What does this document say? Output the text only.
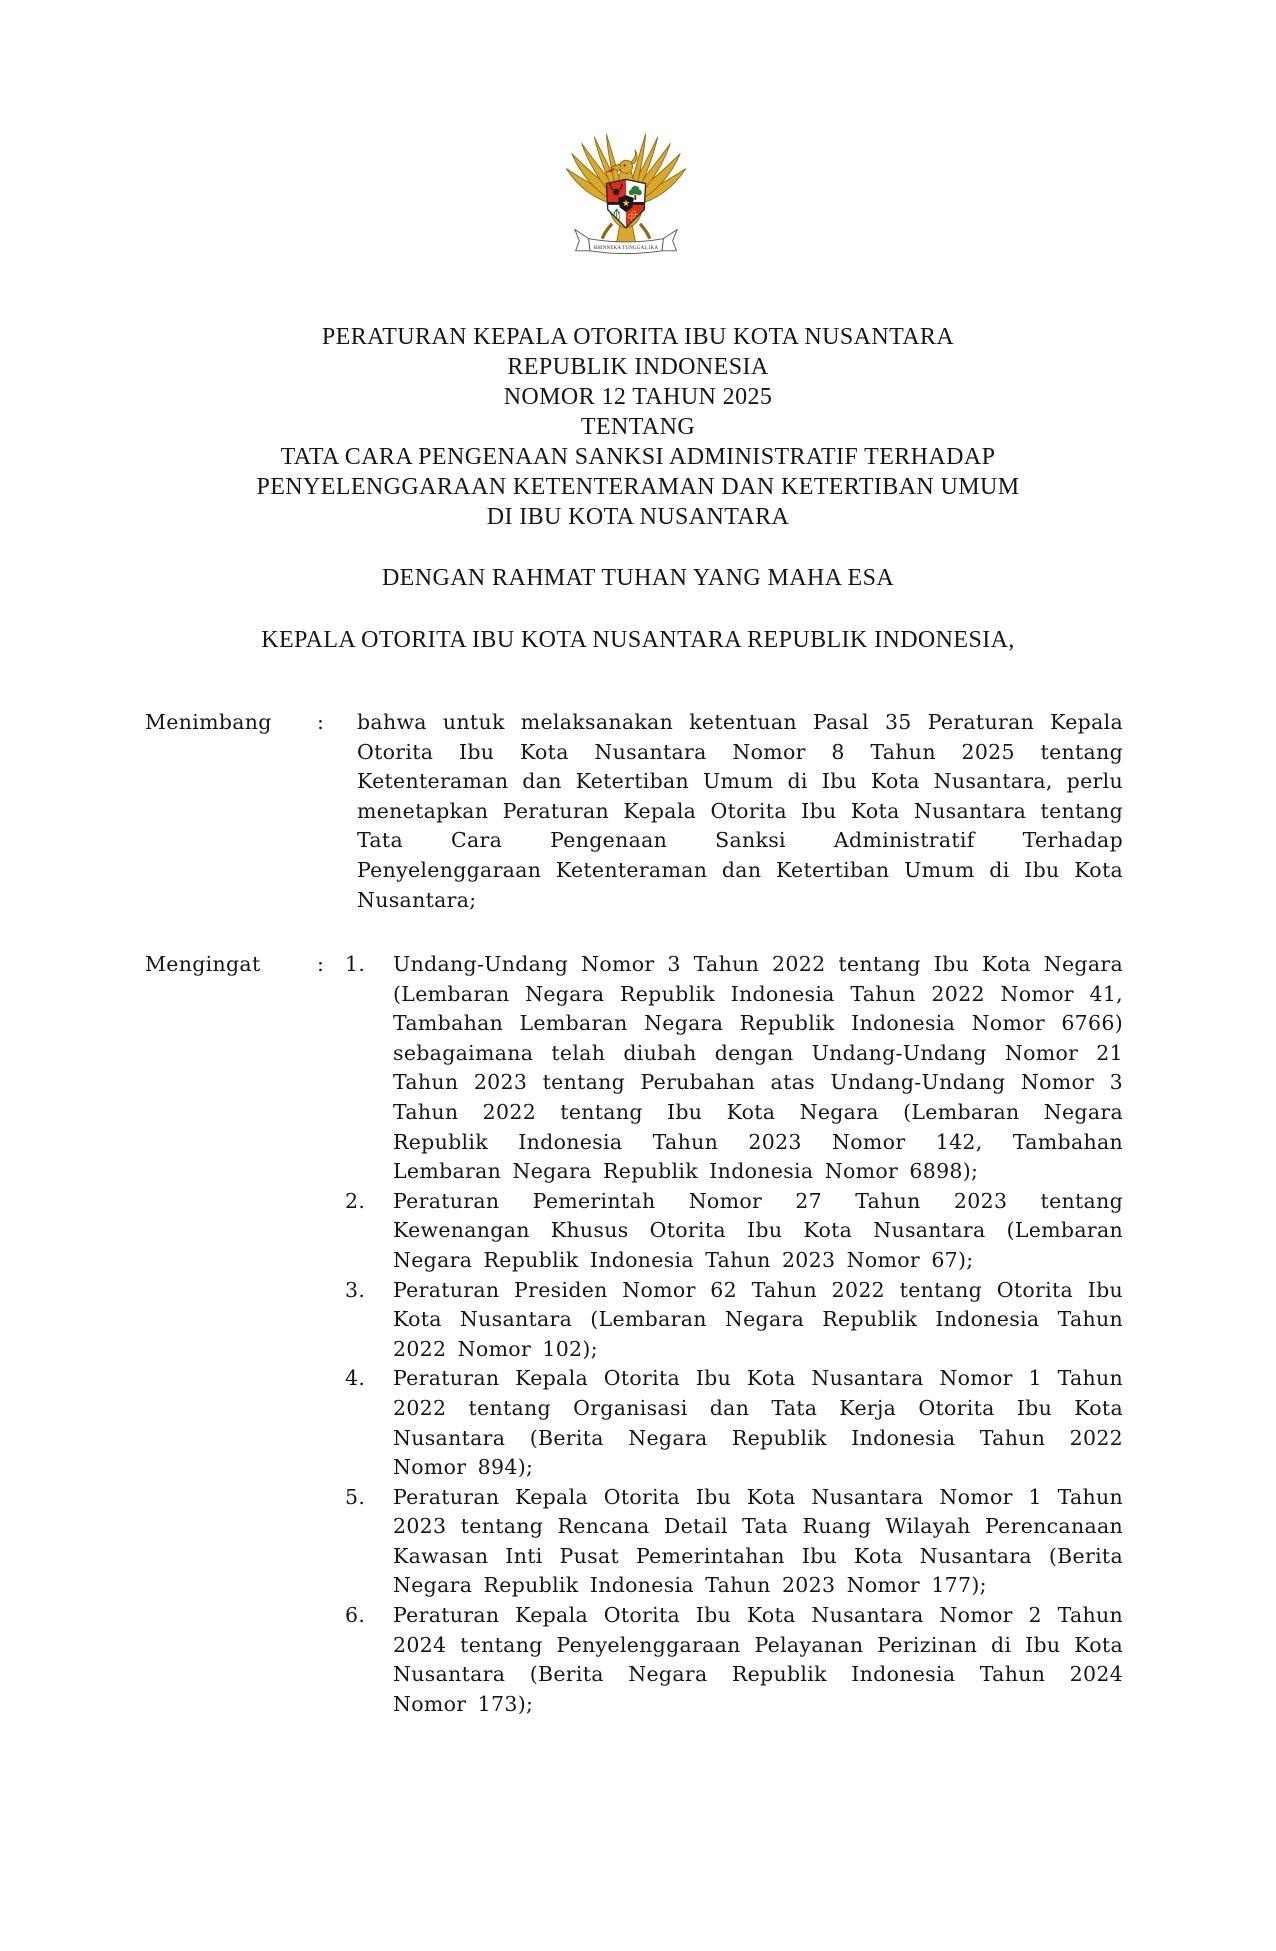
BHINNEKA TUNGGAL IKA
PERATURAN KEPALA OTORITA IBU KOTA NUSANTARA
REPUBLIK INDONESIA
NOMOR 12 TAHUN 2025
TENTANG
TATA CARA PENGENAAN SANKSI ADMINISTRATIF TERHADAP
PENYELENGGARAAN KETENTERAMAN DAN KETERTIBAN UMUM
DI IBU KOTA NUSANTARA
DENGAN RAHMAT TUHAN YANG MAHA ESA
KEPALA OTORITA IBU KOTA NUSANTARA REPUBLIK INDONESIA,
Menimbang	:	bahwa untuk melaksanakan ketentuan Pasal 35 Peraturan Kepala Otorita Ibu Kota Nusantara Nomor 8 Tahun 2025 tentang Ketenteraman dan Ketertiban Umum di Ibu Kota Nusantara, perlu menetapkan Peraturan Kepala Otorita Ibu Kota Nusantara tentang Tata Cara Pengenaan Sanksi Administratif Terhadap Penyelenggaraan Ketenteraman dan Ketertiban Umum di Ibu Kota Nusantara;
Mengingat	:	1.	Undang-Undang Nomor 3 Tahun 2022 tentang Ibu Kota Negara (Lembaran Negara Republik Indonesia Tahun 2022 Nomor 41, Tambahan Lembaran Negara Republik Indonesia Nomor 6766) sebagaimana telah diubah dengan Undang-Undang Nomor 21 Tahun 2023 tentang Perubahan atas Undang-Undang Nomor 3 Tahun 2022 tentang Ibu Kota Negara (Lembaran Negara Republik Indonesia Tahun 2023 Nomor 142, Tambahan Lembaran Negara Republik Indonesia Nomor 6898);
2.	Peraturan Pemerintah Nomor 27 Tahun 2023 tentang Kewenangan Khusus Otorita Ibu Kota Nusantara (Lembaran Negara Republik Indonesia Tahun 2023 Nomor 67);
3.	Peraturan Presiden Nomor 62 Tahun 2022 tentang Otorita Ibu Kota Nusantara (Lembaran Negara Republik Indonesia Tahun 2022 Nomor 102);
4.	Peraturan Kepala Otorita Ibu Kota Nusantara Nomor 1 Tahun 2022 tentang Organisasi dan Tata Kerja Otorita Ibu Kota Nusantara (Berita Negara Republik Indonesia Tahun 2022 Nomor 894);
5.	Peraturan Kepala Otorita Ibu Kota Nusantara Nomor 1 Tahun 2023 tentang Rencana Detail Tata Ruang Wilayah Perencanaan Kawasan Inti Pusat Pemerintahan Ibu Kota Nusantara (Berita Negara Republik Indonesia Tahun 2023 Nomor 177);
6.	Peraturan Kepala Otorita Ibu Kota Nusantara Nomor 2 Tahun 2024 tentang Penyelenggaraan Pelayanan Perizinan di Ibu Kota Nusantara (Berita Negara Republik Indonesia Tahun 2024 Nomor 173);
